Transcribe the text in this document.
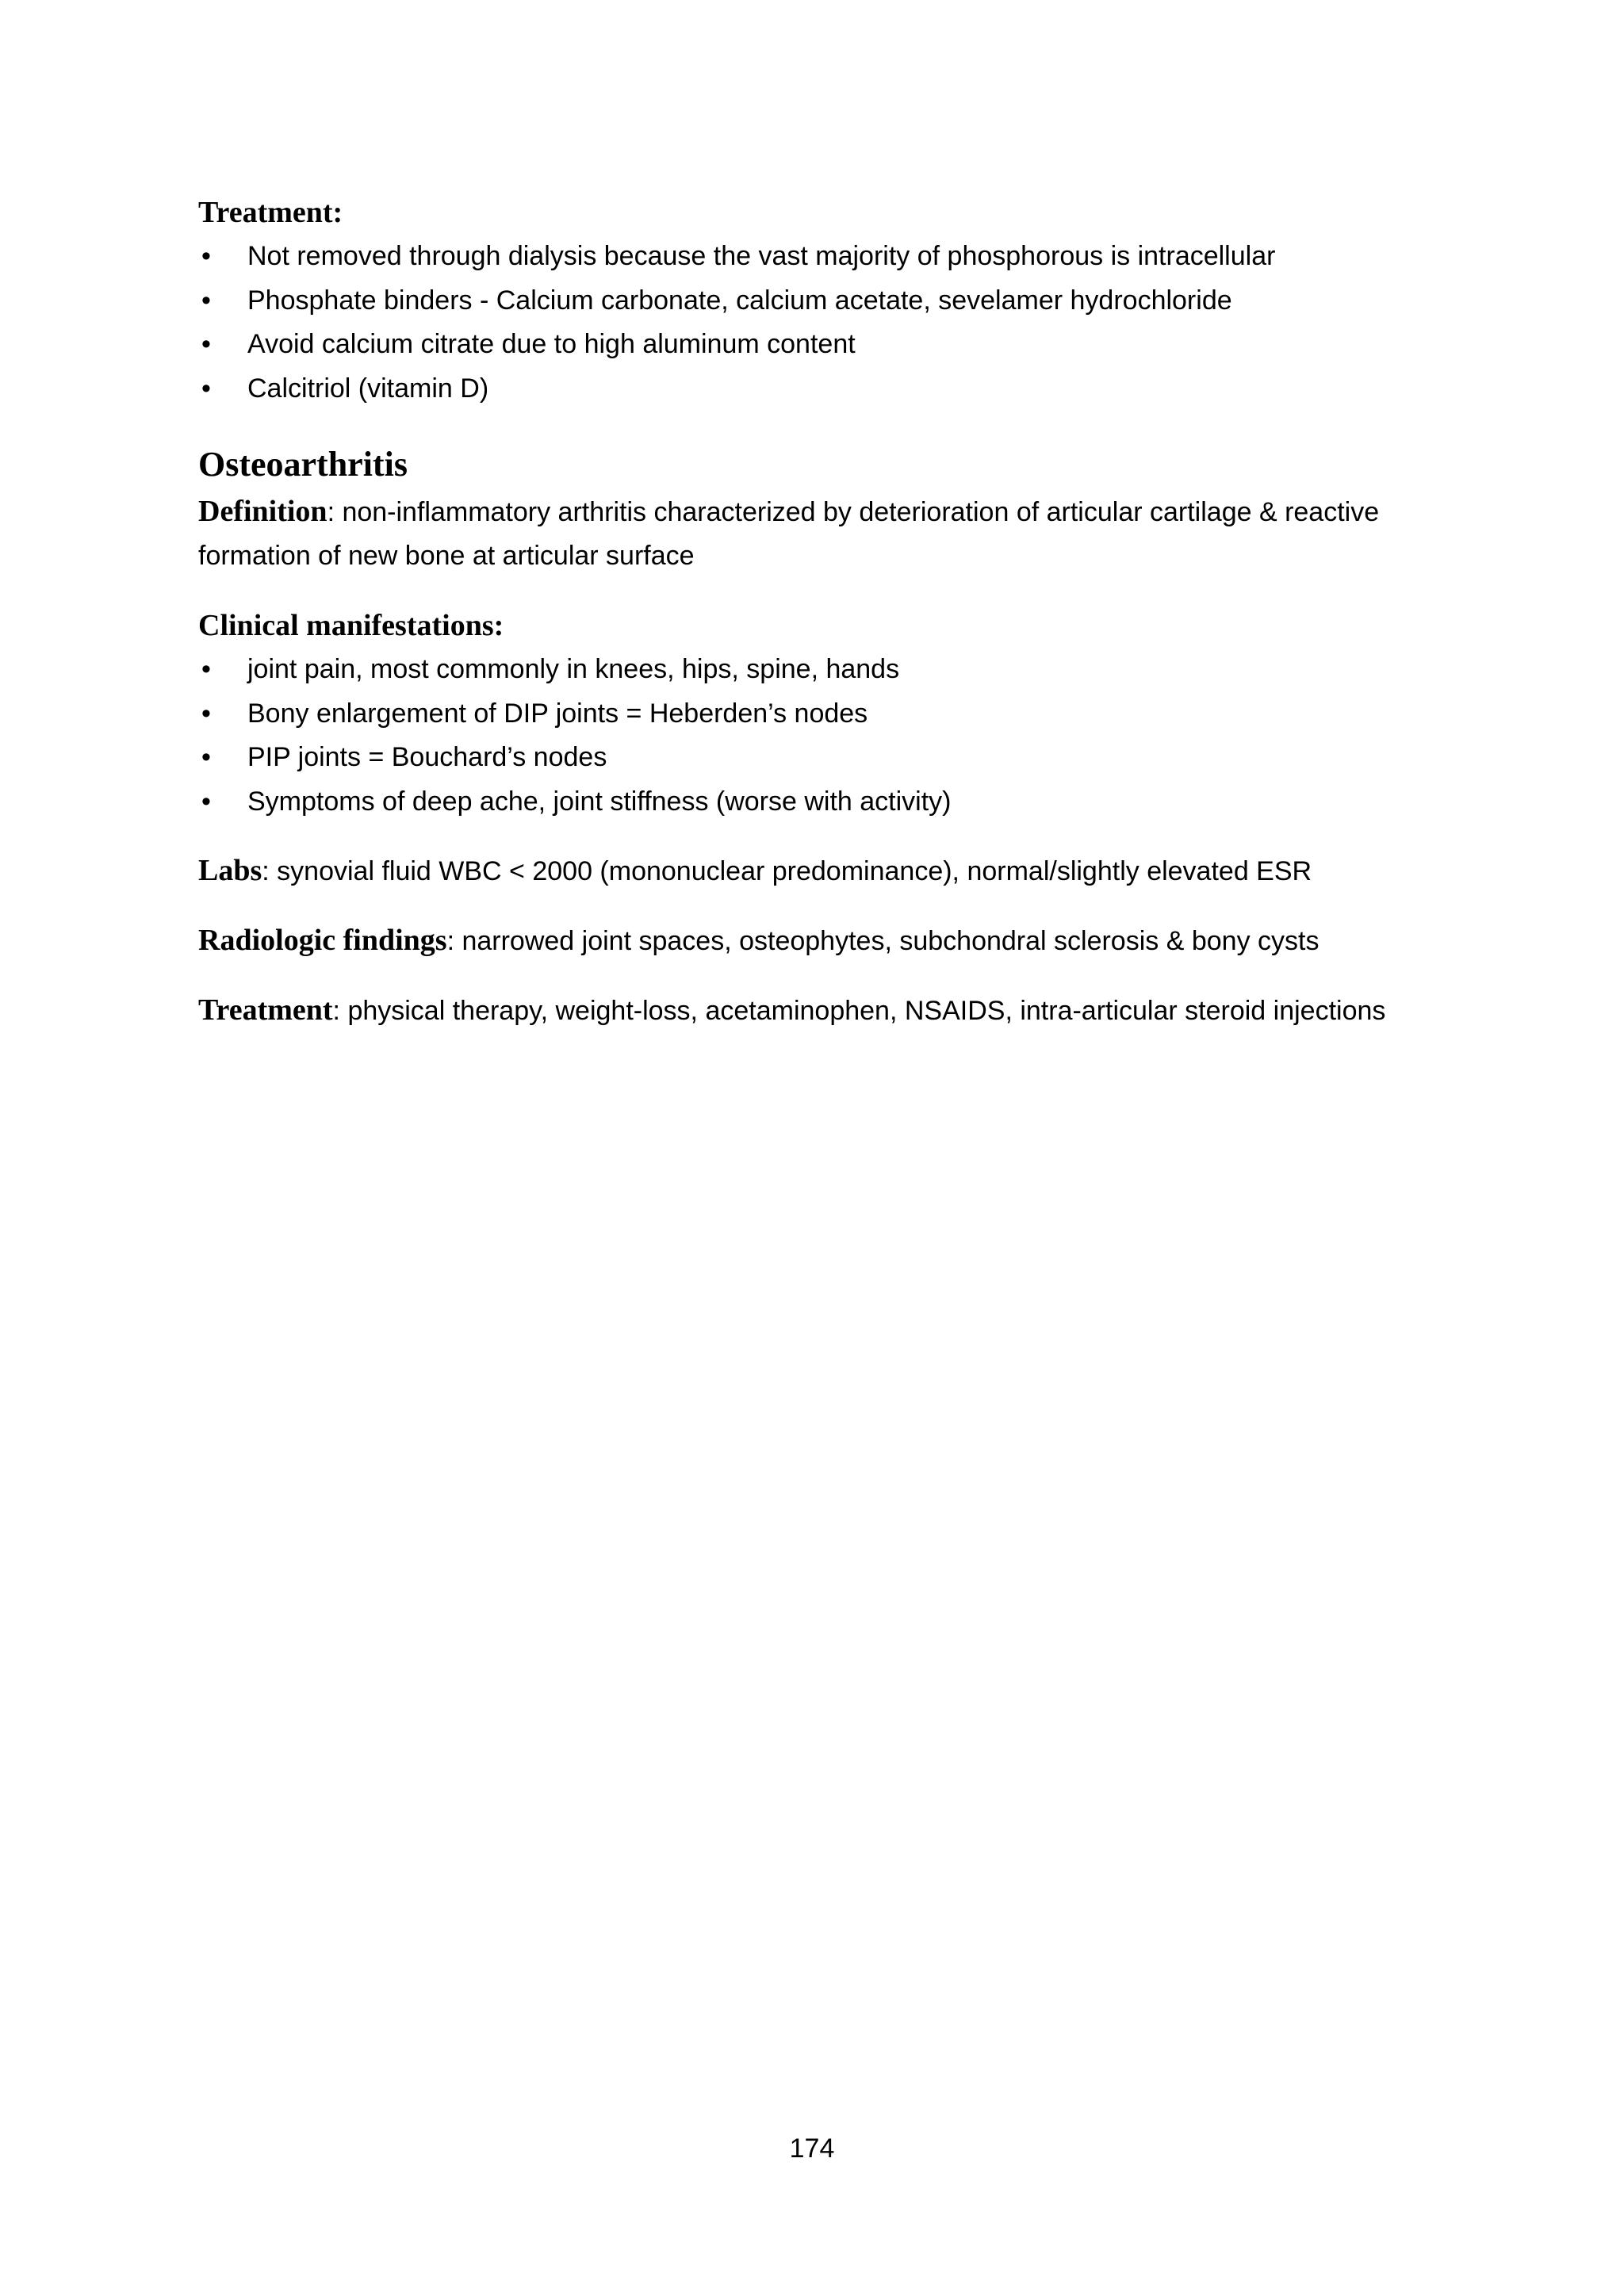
Treatment:

• Not removed through dialysis because the vast majority of phosphorous is intracellular
• Phosphate binders - Calcium carbonate, calcium acetate, sevelamer hydrochloride
• Avoid calcium citrate due to high aluminum content
• Calcitriol (vitamin D)
Osteoarthritis

Definition: non-inflammatory arthritis characterized by deterioration of articular cartilage & reactive formation of new bone at articular surface

Clinical manifestations:

• joint pain, most commonly in knees, hips, spine, hands
• Bony enlargement of DIP joints = Heberden’s nodes
• PIP joints = Bouchard’s nodes
• Symptoms of deep ache, joint stiffness (worse with activity)

Labs: synovial fluid WBC < 2000 (mononuclear predominance), normal/slightly elevated ESR

Radiologic findings: narrowed joint spaces, osteophytes, subchondral sclerosis & bony cysts

Treatment: physical therapy, weight-loss, acetaminophen, NSAIDS, intra-articular steroid injections

174
